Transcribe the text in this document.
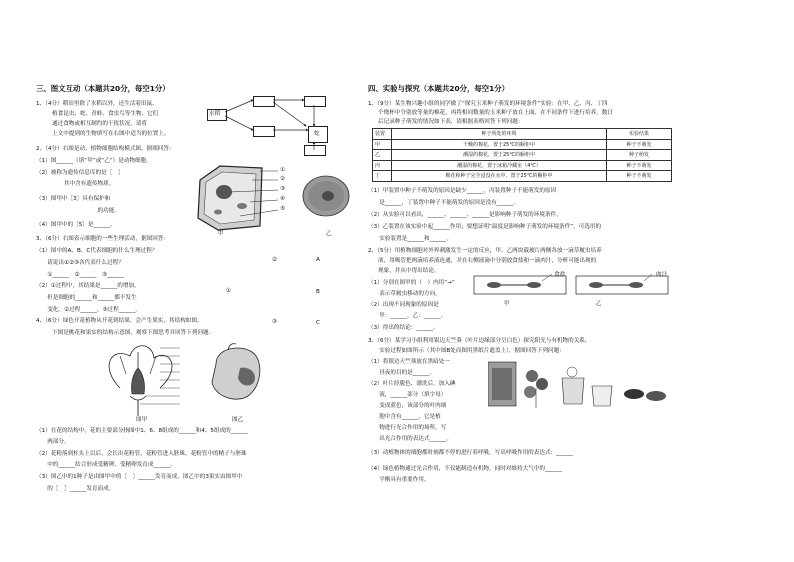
三、图文互动（本题共20分，每空1分）
1、（4分）稻田里除了水稻以外，还生活着田鼠、
植食昆虫、蛇、青蛙、食虫鸟等生物，它们
通过食物或相互制约的干扰状况。请将
上文中提到的生物填写在右图中适当的位置上。
水稻
蛇
2、（4分）右图是动、植物细胞结构模式图，据图回答：
（1）图______（填“甲”或“乙”）是动物细胞。
（2）被称为遗传信息库的是［　］
　　　　　其中含有遗传物质。
（3）图甲中［3］具有保护和
　　　　　　　　　　　的功能。
（4）图甲中的［5］是______。
①
②
③
④
⑤
甲	乙
3、（6分）右图表示细胞的一些生理活动，据图回答：
（1）图中的A、B、C代表细胞的什么生理过程？
　　请说出①②③各代表什么过程？
　　①______　②______　③______
（2）①过程中，其结果是______的增加，
　　但是细胞的______和______都不发生
　　变化。②过程______，③过程______。
②	A
①	B
③	C
4、（6分）绿色开花植物从开花到结果，会产生果实，其结构如图，
下图是桃花和果实的结构示意图，观察下图思考并回答下列问题：
图甲	图乙
（1）在花的结构中，花的主要部分指图中1、6、8组成的______和4、5组成的______
　　两部分。
（2）花粉落到柱头上以后，会长出花粉管，花粉管进入胚珠，花粉管中的精子与胚珠
　　中的______结合形成受精卵，受精卵发育成______。
（3）图乙中的1种子是由图甲中的［　］______发育而成，图乙中的3果实由图甲中
　　的［　］______发育而成。
四、实验与探究（本题共20分，每空1分）
1、（9分）某生物兴趣小组的同学做了“探究玉米种子萌发的环境条件”实验：在甲、乙、丙、丁四
个烧杯中分别放等量的棉花，再将相同数量的玉米种子放在上面，在不同条件下进行培养，数日
后记录种子萌发的情况如下表，请根据表格回答下列问题：
装置	种子所处的环境	实验结果
甲	干燥的棉花，置于25℃的橱柜中	种子不萌发
乙	潮湿的棉花，置于25℃的橱柜中	种子萌发
丙	潮湿的棉花，置于冰箱冷藏室（4℃）	种子不萌发
丁	棉花和种子完全浸没在水中，置于25℃的橱柜中	种子不萌发
（1）甲装置中种子不萌发的原因是缺少______，丙装置种子不能萌发的原因
　　是______，丁装置中种子不能萌发的原因是没有______。
（2）从实验可以看出，______、______、______是影响种子萌发的环境条件。
（3）乙装置在该实验中起______作用；要想证明“温度是影响种子萌发的环境条件”，可选用的
　　实验装置是______和______。
2、（5分）用植物细胞对外界刺激发生一定的反应，甲、乙两块载玻片两侧各放一滴草履虫培养
液，用吸管把两滴培养液连通，并在右侧液滴中分别放食盐和一滴肉汁，分析可能出现的
现象，并从中得出结论。
食盐	肉汁
甲	乙
（1）分别在图甲的（　）内用“→”
　　表示草履虫移动的方向。
（2）出现不同现象的原因是
　　甲：______，乙：______。
（3）得出的结论：______。
3、（6分）某学习小组利用银边天竺葵（叶片边缘部分呈白色）探究阳光与有机物的关系，
　　实验过程如图所示（其中图B处而图用黑纸片遮盖上），据图回答下列问题：
（1）将银边天竺葵放在黑暗处一
　　昼夜的目的是______。
（2）叶片经脱色、漂洗后，加入碘
　　液，______部分（填字母）
　　变成蓝色，该部分的叶肉细
　　胞中含有______，它是植
　　物进行光合作用的场所，写
　　出光合作用的表达式______。
（3）动植物体的细胞都时刻都不停的进行着呼吸，写出呼吸作用的表达式：______
（4）绿色植物通过光合作用，不仅能制造有机物，同时对维持大气中的______
　　平衡具有重要作用。
